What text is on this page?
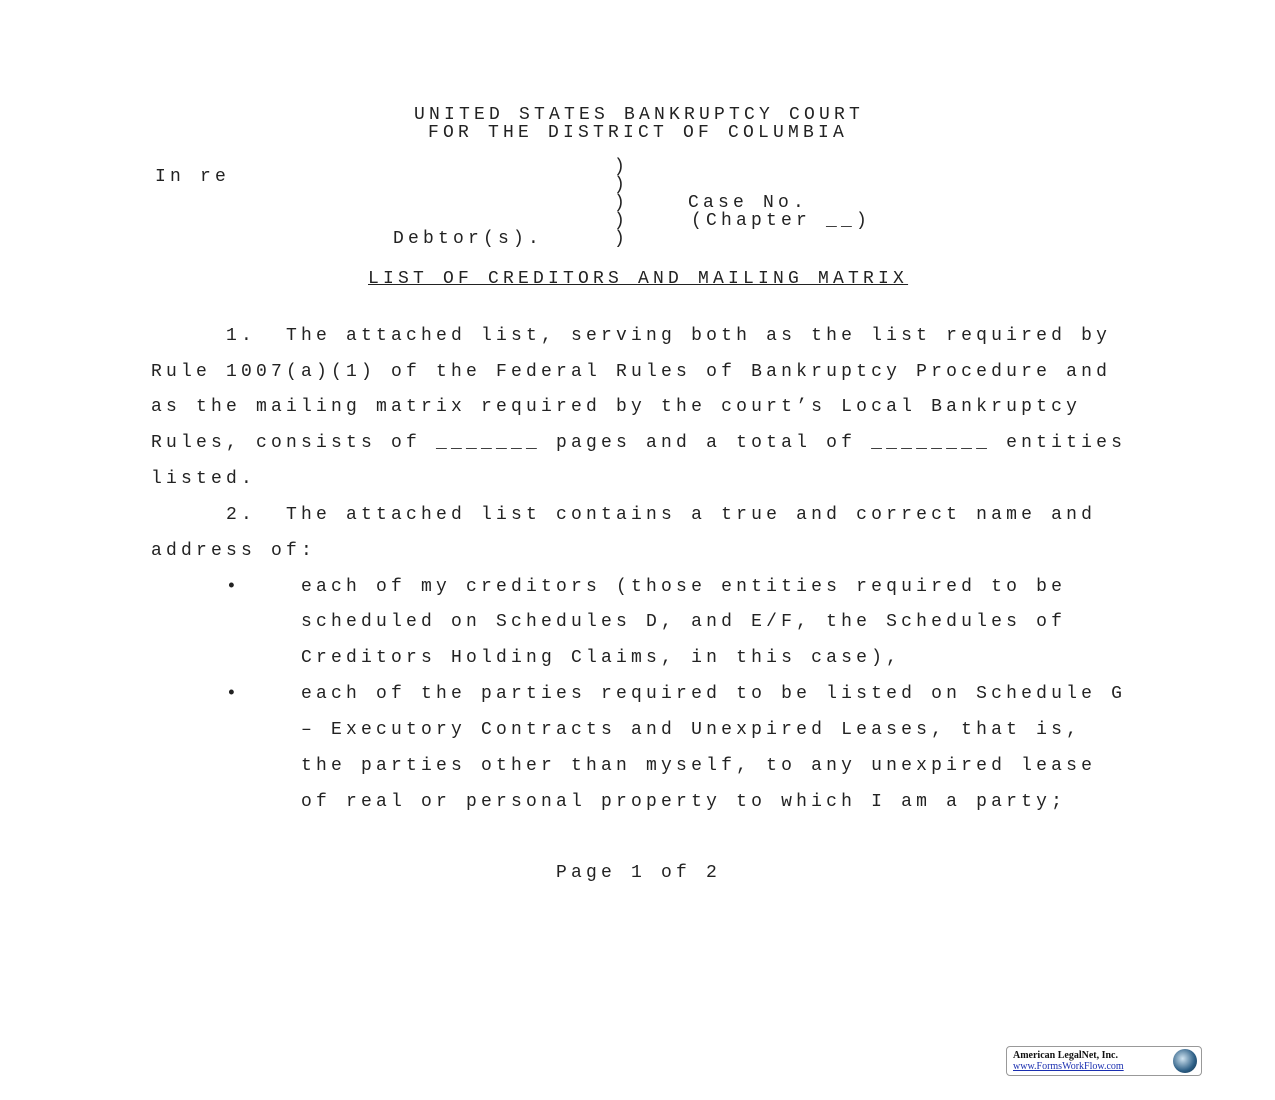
UNITED STATES BANKRUPTCY COURT
FOR THE DISTRICT OF COLUMBIA
In re	)
)
)
)
)
Case No.
(Chapter __)
Debtor(s).
LIST OF CREDITORS AND MAILING MATRIX
1.  The attached list, serving both as the list required by
Rule 1007(a)(1) of the Federal Rules of Bankruptcy Procedure and
as the mailing matrix required by the court’s Local Bankruptcy
Rules, consists of _______ pages and a total of ________ entities
listed.
2.  The attached list contains a true and correct name and
address of:
•    each of my creditors (those entities required to be
scheduled on Schedules D, and E/F, the Schedules of
Creditors Holding Claims, in this case),
•    each of the parties required to be listed on Schedule G
– Executory Contracts and Unexpired Leases, that is,
the parties other than myself, to any unexpired lease
of real or personal property to which I am a party;
Page 1 of 2
American LegalNet, Inc.
www.FormsWorkFlow.com
